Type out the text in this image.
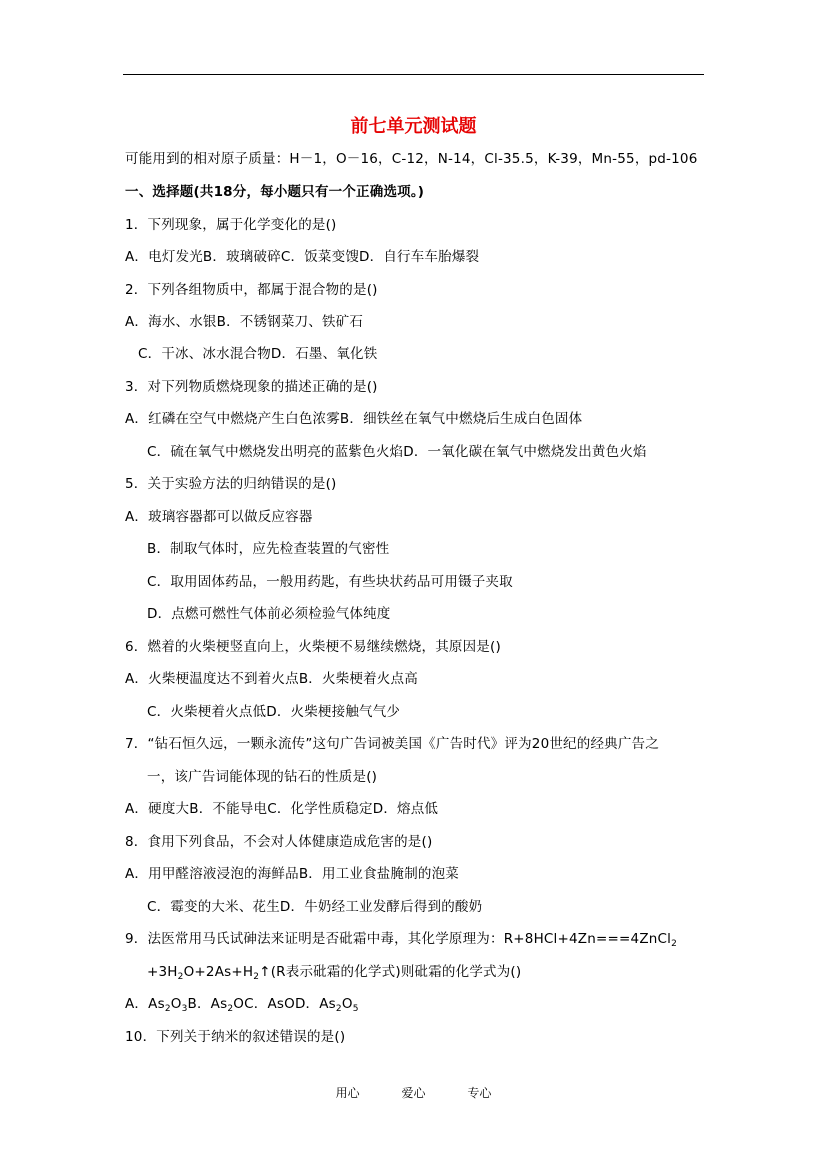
前七单元测试题
可能用到的相对原子质量：H－1，O－16，C-12，N-14，Cl-35.5，K-39，Mn-55，pd-106
一、选择题(共18分，每小题只有一个正确选项。)
1．下列现象，属于化学变化的是()
A．电灯发光B．玻璃破碎C．饭菜变馊D．自行车车胎爆裂
2．下列各组物质中，都属于混合物的是()
A．海水、水银B．不锈钢菜刀、铁矿石
C．干冰、冰水混合物D．石墨、氧化铁
3．对下列物质燃烧现象的描述正确的是()
A．红磷在空气中燃烧产生白色浓雾B．细铁丝在氧气中燃烧后生成白色固体
C．硫在氧气中燃烧发出明亮的蓝紫色火焰D．一氧化碳在氧气中燃烧发出黄色火焰
5．关于实验方法的归纳错误的是()
A．玻璃容器都可以做反应容器
B．制取气体时，应先检查装置的气密性
C．取用固体药品，一般用药匙，有些块状药品可用镊子夹取
D．点燃可燃性气体前必须检验气体纯度
6．燃着的火柴梗竖直向上，火柴梗不易继续燃烧，其原因是()
A．火柴梗温度达不到着火点B．火柴梗着火点高
C．火柴梗着火点低D．火柴梗接触气气少
7．“钻石恒久远，一颗永流传”这句广告词被美国《广告时代》评为20世纪的经典广告之
一，该广告词能体现的钻石的性质是()
A．硬度大B．不能导电C．化学性质稳定D．熔点低
8．食用下列食品，不会对人体健康造成危害的是()
A．用甲醛溶液浸泡的海鲜品B．用工业食盐腌制的泡菜
C．霉变的大米、花生D．牛奶经工业发酵后得到的酸奶
9．法医常用马氏试砷法来证明是否砒霜中毒，其化学原理为：R+8HCl+4Zn===4ZnCl$_2$
$+3H_2O+2As+H_2↑(R$表示砒霜的化学式)则砒霜的化学式为()
A．$As_2O_3B$．$As_2OC$．AsOD．$As_2O_5$
10．下列关于纳米的叙述错误的是()
用心	爱心	专心
